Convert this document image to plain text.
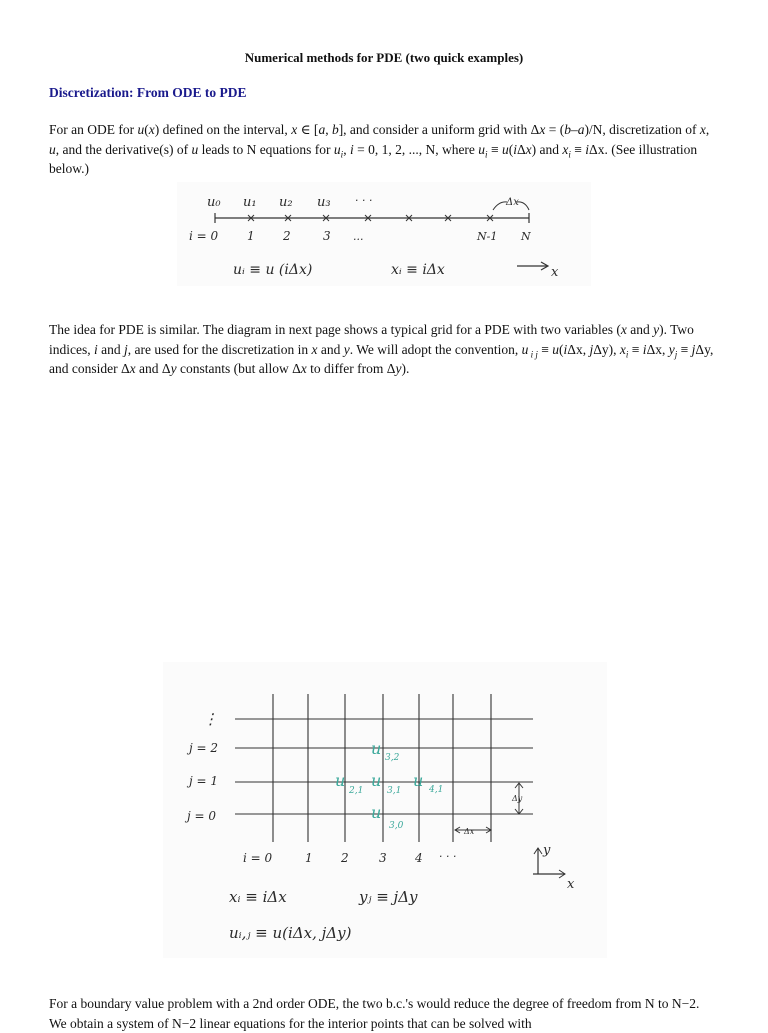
Numerical methods for PDE (two quick examples)
Discretization: From ODE to PDE
For an ODE for u(x) defined on the interval, x ∈ [a, b], and consider a uniform grid with Δx = (b–a)/N, discretization of x, u, and the derivative(s) of u leads to N equations for $u_i$, i = 0, 1, 2, ..., N, where $u_i \equiv u(i\Delta x)$ and $x_i \equiv i\Delta x$. (See illustration below.)
u₀ u₁ u₂ u₃ · · ·	Δx
i = 0 1 2	3 ...	N-1 N
uᵢ ≡ u (iΔx)	xᵢ ≡ iΔx	x
The idea for PDE is similar. The diagram in next page shows a typical grid for a PDE with two variables (x and y). Two indices, i and j, are used for the discretization in x and y. We will adopt the convention, u $_{i j}$ ≡ u(iΔx, jΔy), $x_i \equiv i\Delta x$, $y_j \equiv j\Delta y$, and consider Δx and Δy constants (but allow Δx to differ from Δy).
⋮
j = 2
j = 1
j = 0
u 3,2
u
2,1
u
3,1
u 4,1
u
3,0
Δy
Δx
i = 0	1 2	3 4 · · ·	y
x
xᵢ ≡ iΔx	yⱼ ≡ jΔy
uᵢ,ⱼ ≡ u(iΔx, jΔy)
For a boundary value problem with a 2nd order ODE, the two b.c.'s would reduce the degree of freedom from N to N−2. We obtain a system of N−2 linear equations for the interior points that can be solved with
